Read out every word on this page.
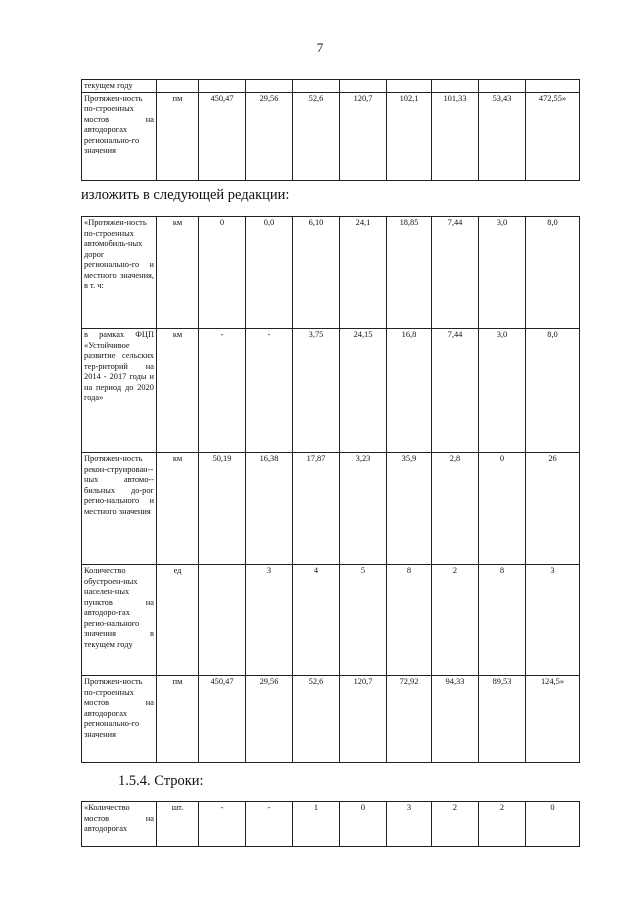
7
текущем году									
Протяжен-ность по-строенных мостов на автодорогах регионально-го значения	пм	450,47	29,56	52,6	120,7	102,1	101,33	53,43	472,55»
изложить в следующей редакции:
«Протяжен-ность по-строенных автомобиль-ных дорог регионально-го и местного значения, в т. ч:	км	0	0,0	6,10	24,1	18,85	7,44	3,0	8,0
в рамках ФЦП «Устойчивое развитие сельских тер-риторий на 2014 - 2017 годы и на период до 2020 года»	км	-	-	3,75	24,15	16,8	7,44	3,0	8,0
Протяжен-ность рекон-струирован-ных автомо-бильных до-рог регио-нального и местного значения	км	50,19	16,38	17,87	3,23	35,9	2,8	0	26
Количество обустроен-ных населен-ных пунктов на автодоро-гах регио-нального значения в текущем году	ед		3	4	5	8	2	8	3
Протяжен-ность по-строенных мостов на автодорогах регионально-го значения	пм	450,47	29,56	52,6	120,7	72,92	94,33	89,53	124,5»
1.5.4. Строки:
«Количество мостов на автодорогах	шт.	-	-	1	0	3	2	2	0
